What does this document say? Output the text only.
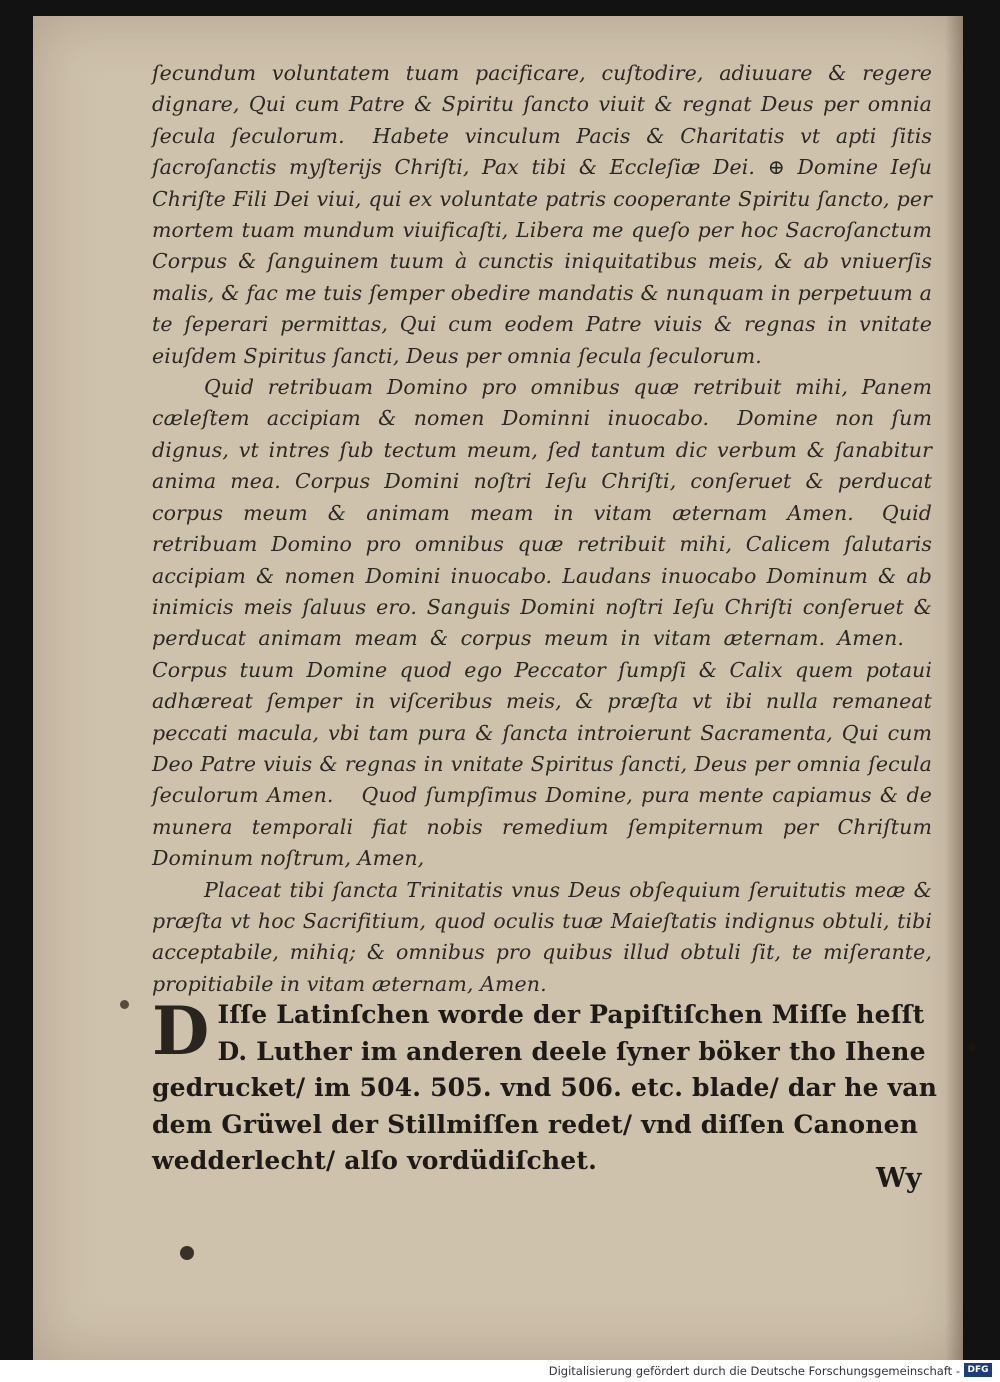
ſecundum voluntatem tuam pacificare, cuſtodire, adiuuare & regere dignare, Qui cum Patre & Spiritu ſancto viuit & regnat Deus per omnia ſecula ſeculorum. Habete vinculum Pacis & Charitatis vt apti ſitis ſacroſanctis myſterijs Chriſti, Pax tibi & Eccleſiæ Dei. ⊕ Domine Ieſu Chriſte Fili Dei viui, qui ex voluntate patris cooperante Spiritu ſancto, per mortem tuam mundum viuificaſti, Libera me queſo per hoc Sacroſanctum Corpus & ſanguinem tuum à cunctis iniquitatibus meis, & ab vniuerſis malis, & fac me tuis ſemper obedire mandatis & nunquam in perpetuum a te ſeperari permittas, Qui cum eodem Patre viuis & regnas in vnitate eiuſdem Spiritus ſancti, Deus per omnia ſecula ſeculorum.

Quid retribuam Domino pro omnibus quæ retribuit mihi, Panem cæleſtem accipiam & nomen Dominni inuocabo. Domine non ſum dignus, vt intres ſub tectum meum, ſed tantum dic verbum & ſanabitur anima mea. Corpus Domini noſtri Ieſu Chriſti, conſeruet & perducat corpus meum & animam meam in vitam æternam Amen. Quid retribuam Domino pro omnibus quæ retribuit mihi, Calicem ſalutaris accipiam & nomen Domini inuocabo. Laudans inuocabo Dominum & ab inimicis meis ſaluus ero. Sanguis Domini noſtri Ieſu Chriſti conſeruet & perducat animam meam & corpus meum in vitam æternam. Amen.Corpus tuum Domine quod ego Peccator ſumpſi & Calix quem potaui adhæreat ſemper in viſceribus meis, & præſta vt ibi nulla remaneat peccati macula, vbi tam pura & ſancta introierunt Sacramenta, Qui cum Deo Patre viuis & regnas in vnitate Spiritus ſancti, Deus per omnia ſecula ſeculorum Amen. Quod ſumpſimus Domine, pura mente capiamus & de munera temporali fiat nobis remedium ſempiternum per Chriſtum Dominum noſtrum, Amen,

Placeat tibi ſancta Trinitatis vnus Deus obſequium ſeruitutis meæ & præſta vt hoc Sacrifitium, quod oculis tuæ Maieſtatis indignus obtuli, tibi acceptabile, mihiq; & omnibus pro quibus illud obtuli ſit, te miſerante, propitiabile in vitam æternam, Amen.

D Iſſe Latinſchen worde der Papiſtiſchen Miſſe heſſt D. Luther im anderen deele ſyner böker tho Ihene gedrucket/ im 504. 505. vnd 506. etc. blade/ dar he van dem Grüwel der Stillmiſſen redet/ vnd diſſen Canonen wedderlecht/ alſo vordüdiſchet.

Wy
Digitalisierung gefördert durch die Deutsche Forschungsgemeinschaft - DFG
